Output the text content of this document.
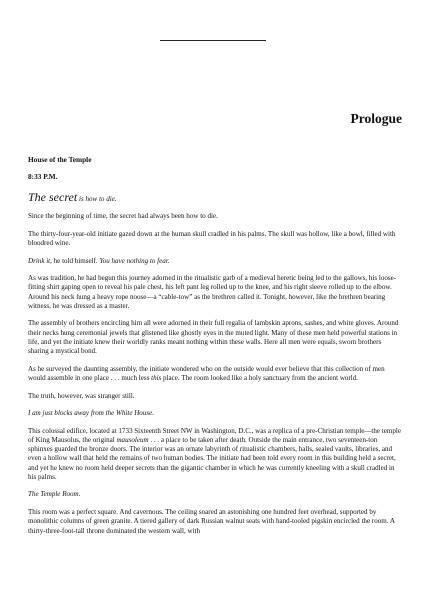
Prologue

House of the Temple

8:33 P.M.

The secret is how to die.

Since the beginning of time, the secret had always been how to die.

The thirty-four-year-old initiate gazed down at the human skull cradled in his palms. The skull was hollow, like a bowl, filled with bloodred wine.

Drink it, he told himself. You have nothing to fear.

As was tradition, he had begun this journey adorned in the ritualistic garb of a medieval heretic being led to the gallows, his loose-fitting shirt gaping open to reveal his pale chest, his left pant leg rolled up to the knee, and his right sleeve rolled up to the elbow. Around his neck hung a heavy rope noose—a “cable-tow” as the brethren called it. Tonight, however, like the brethren bearing witness, he was dressed as a master.

The assembly of brothers encircling him all were adorned in their full regalia of lambskin aprons, sashes, and white gloves. Around their necks hung ceremonial jewels that glistened like ghostly eyes in the muted light. Many of these men held powerful stations in life, and yet the initiate knew their worldly ranks meant nothing within these walls. Here all men were equals, sworn brothers sharing a mystical bond.

As he surveyed the daunting assembly, the initiate wondered who on the outside would ever believe that this collection of men would assemble in one place . . . much less this place. The room looked like a holy sanctuary from the ancient world.

The truth, however, was stranger still.

I am just blocks away from the White House.

This colossal edifice, located at 1733 Sixteenth Street NW in Washington, D.C., was a replica of a pre-Christian temple—the temple of King Mausolus, the original mausoleum . . . a place to be taken after death. Outside the main entrance, two seventeen-ton sphinxes guarded the bronze doors. The interior was an ornate labyrinth of ritualistic chambers, halls, sealed vaults, libraries, and even a hollow wall that held the remains of two human bodies. The initiate had been told every room in this building held a secret, and yet he knew no room held deeper secrets than the gigantic chamber in which he was currently kneeling with a skull cradled in his palms.

The Temple Room.

This room was a perfect square. And cavernous. The ceiling soared an astonishing one hundred feet overhead, supported by monolithic columns of green granite. A tiered gallery of dark Russian walnut seats with hand-tooled pigskin encircled the room. A thirty-three-foot-tall throne dominated the western wall, with
